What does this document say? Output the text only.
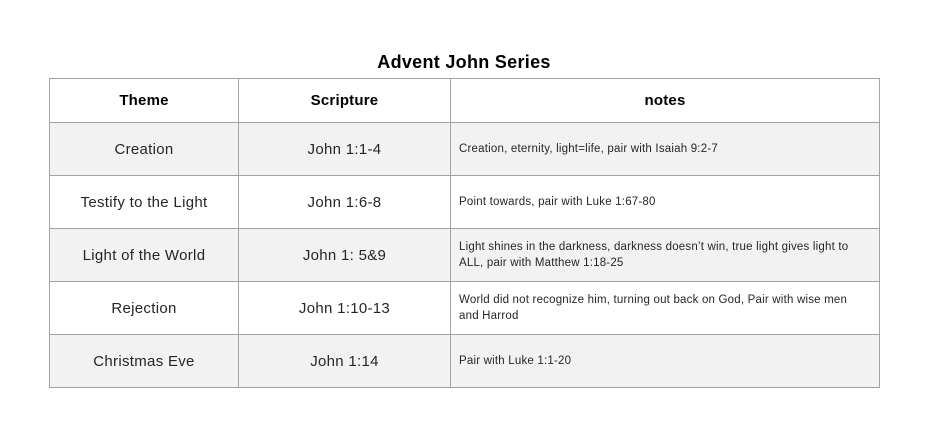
Advent John Series
Theme	Scripture	notes
Creation	John 1:1-4	Creation, eternity, light=life, pair with Isaiah 9:2-7
Testify to the Light	John 1:6-8	Point towards, pair with Luke 1:67-80
Light of the World	John 1: 5&9	Light shines in the darkness, darkness doesn’t win, true light gives light to ALL, pair with Matthew 1:18-25
Rejection	John 1:10-13	World did not recognize him, turning out back on God, Pair with wise men and Harrod
Christmas Eve	John 1:14	Pair with Luke 1:1-20
